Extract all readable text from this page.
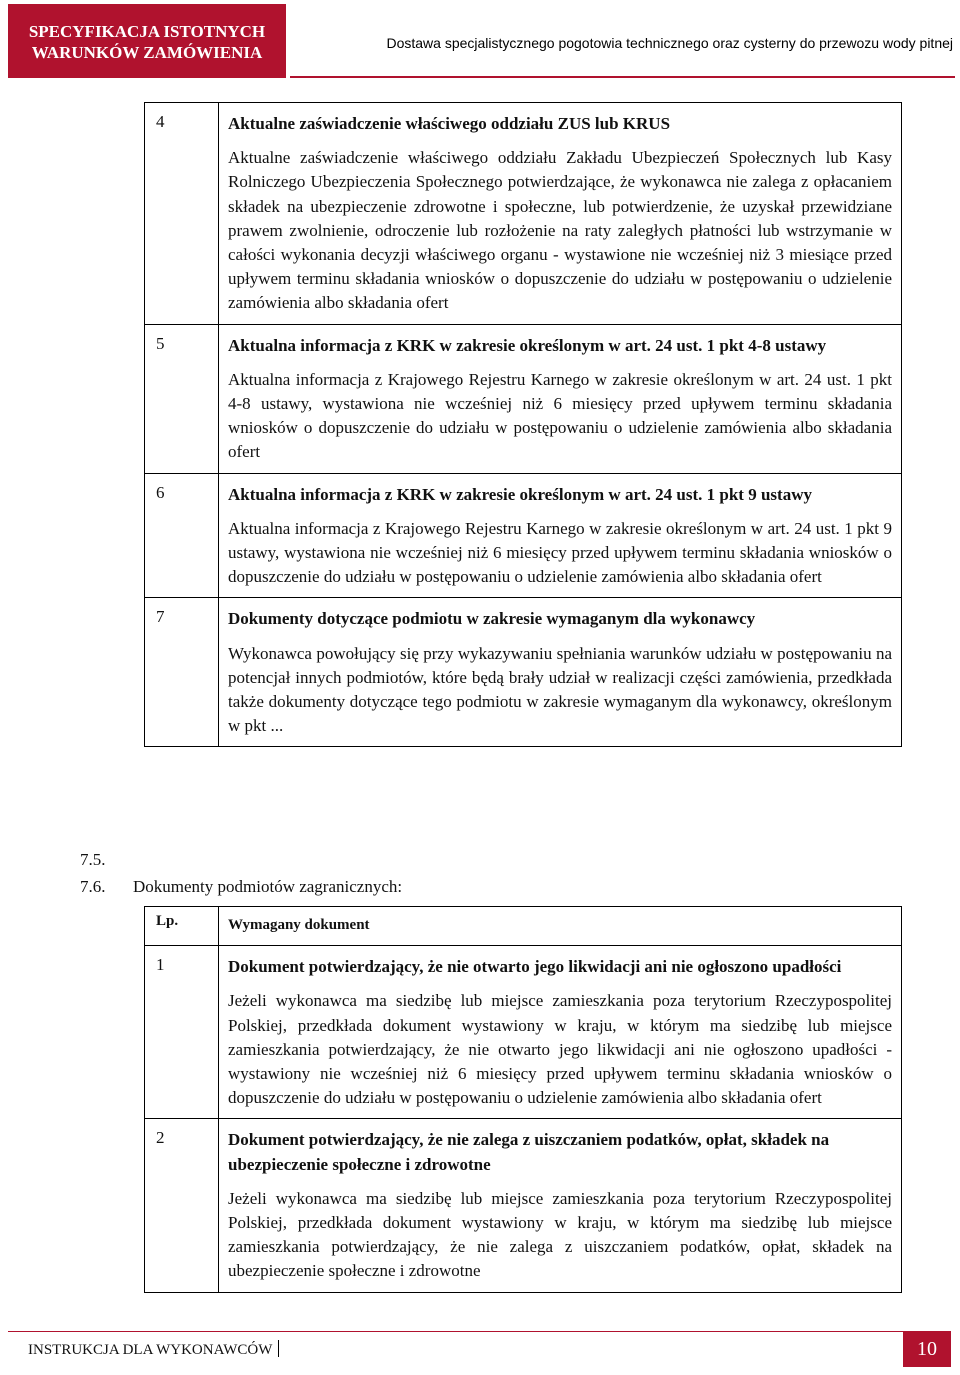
SPECYFIKACJA ISTOTNYCH
WARUNKÓW ZAMÓWIENIA	Dostawa specjalistycznego pogotowia technicznego oraz cysterny do przewozu wody pitnej
4	Aktualne zaświadczenie właściwego oddziału ZUS lub KRUS
Aktualne zaświadczenie właściwego oddziału Zakładu Ubezpieczeń Społecznych lub Kasy Rolniczego Ubezpieczenia Społecznego potwierdzające, że wykonawca nie zalega z opłacaniem składek na ubezpieczenie zdrowotne i społeczne, lub potwierdzenie, że uzyskał przewidziane prawem zwolnienie, odroczenie lub rozłożenie na raty zaległych płatności lub wstrzymanie w całości wykonania decyzji właściwego organu - wystawione nie wcześniej niż 3 miesiące przed upływem terminu składania wniosków o dopuszczenie do udziału w postępowaniu o udzielenie zamówienia albo składania ofert

5	Aktualna informacja z KRK w zakresie określonym w art. 24 ust. 1 pkt 4-8 ustawy
Aktualna informacja z Krajowego Rejestru Karnego w zakresie określonym w art. 24 ust. 1 pkt 4-8 ustawy, wystawiona nie wcześniej niż 6 miesięcy przed upływem terminu składania wniosków o dopuszczenie do udziału w postępowaniu o udzielenie zamówienia albo składania ofert

6	Aktualna informacja z KRK w zakresie określonym w art. 24 ust. 1 pkt 9 ustawy
Aktualna informacja z Krajowego Rejestru Karnego w zakresie określonym w art. 24 ust. 1 pkt 9 ustawy, wystawiona nie wcześniej niż 6 miesięcy przed upływem terminu składania wniosków o dopuszczenie do udziału w postępowaniu o udzielenie zamówienia albo składania ofert

7	Dokumenty dotyczące podmiotu w zakresie wymaganym dla wykonawcy
Wykonawca powołujący się przy wykazywaniu spełniania warunków udziału w postępowaniu na potencjał innych podmiotów, które będą brały udział w realizacji części zamówienia, przedkłada także dokumenty dotyczące tego podmiotu w zakresie wymaganym dla wykonawcy, określonym w pkt ...
7.5.
7.6. Dokumenty podmiotów zagranicznych:
Lp.	Wymagany dokument
1	Dokument potwierdzający, że nie otwarto jego likwidacji ani nie ogłoszono upadłości
Jeżeli wykonawca ma siedzibę lub miejsce zamieszkania poza terytorium Rzeczypospolitej Polskiej, przedkłada dokument wystawiony w kraju, w którym ma siedzibę lub miejsce zamieszkania potwierdzający, że nie otwarto jego likwidacji ani nie ogłoszono upadłości - wystawiony nie wcześniej niż 6 miesięcy przed upływem terminu składania wniosków o dopuszczenie do udziału w postępowaniu o udzielenie zamówienia albo składania ofert

2	Dokument potwierdzający, że nie zalega z uiszczaniem podatków, opłat, składek na ubezpieczenie społeczne i zdrowotne
Jeżeli wykonawca ma siedzibę lub miejsce zamieszkania poza terytorium Rzeczypospolitej Polskiej, przedkłada dokument wystawiony w kraju, w którym ma siedzibę lub miejsce zamieszkania potwierdzający, że nie zalega z uiszczaniem podatków, opłat, składek na ubezpieczenie społeczne i zdrowotne
INSTRUKCJA DLA WYKONAWCÓW	10
